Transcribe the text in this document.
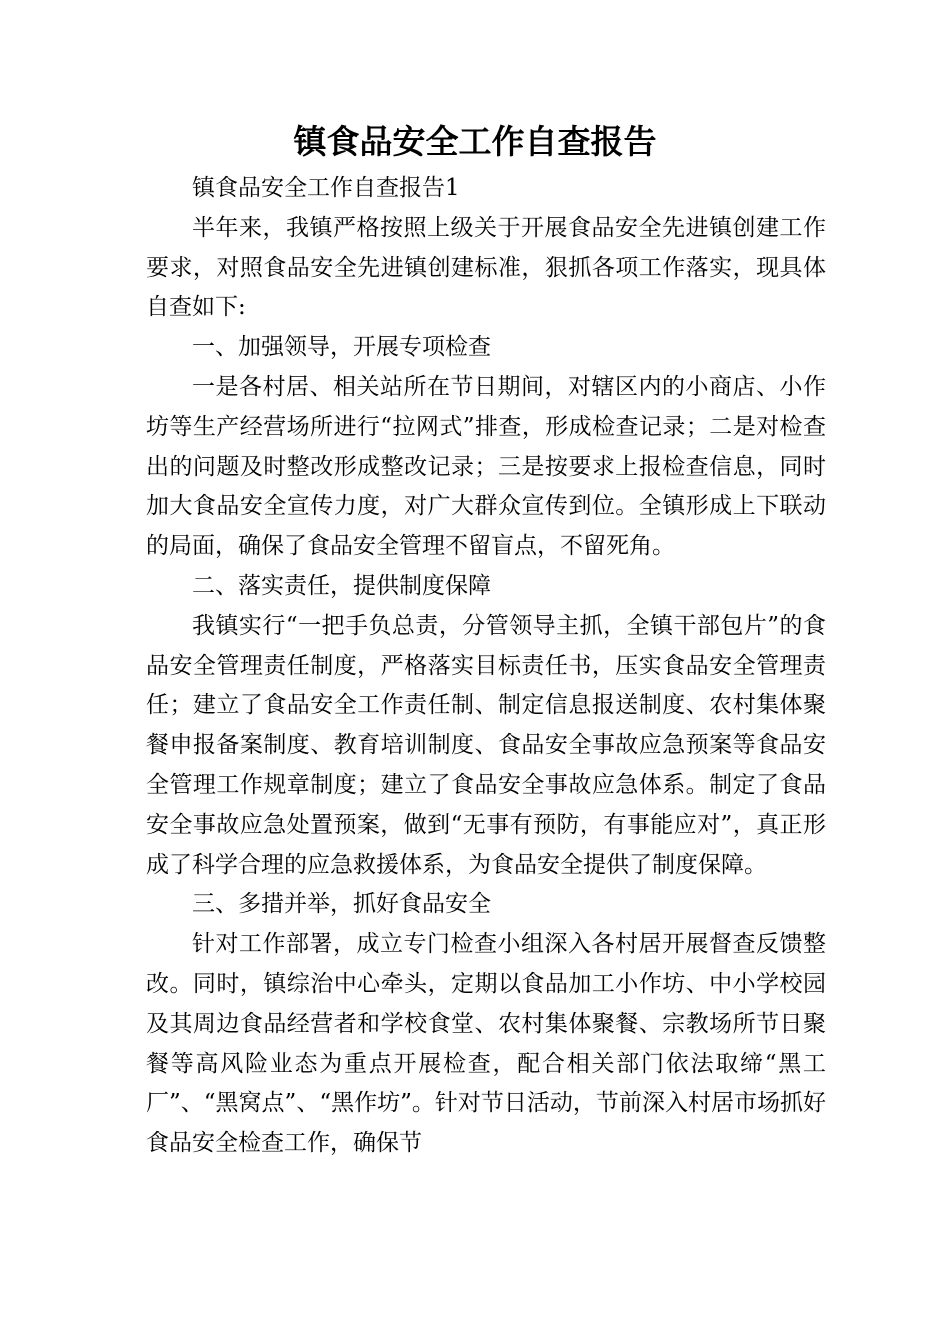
镇食品安全工作自查报告

镇食品安全工作自查报告1

半年来，我镇严格按照上级关于开展食品安全先进镇创建工作要求，对照食品安全先进镇创建标准，狠抓各项工作落实，现具体自查如下:

一、加强领导，开展专项检查

一是各村居、相关站所在节日期间，对辖区内的小商店、小作坊等生产经营场所进行“拉网式”排查，形成检查记录；二是对检查出的问题及时整改形成整改记录；三是按要求上报检查信息，同时加大食品安全宣传力度，对广大群众宣传到位。全镇形成上下联动的局面，确保了食品安全管理不留盲点，不留死角。

二、落实责任，提供制度保障

我镇实行“一把手负总责，分管领导主抓，全镇干部包片”的食品安全管理责任制度，严格落实目标责任书，压实食品安全管理责任；建立了食品安全工作责任制、制定信息报送制度、农村集体聚餐申报备案制度、教育培训制度、食品安全事故应急预案等食品安全管理工作规章制度；建立了食品安全事故应急体系。制定了食品安全事故应急处置预案，做到“无事有预防，有事能应对”，真正形成了科学合理的应急救援体系，为食品安全提供了制度保障。

三、多措并举，抓好食品安全

针对工作部署，成立专门检查小组深入各村居开展督查反馈整改。同时，镇综治中心牵头，定期以食品加工小作坊、中小学校园及其周边食品经营者和学校食堂、农村集体聚餐、宗教场所节日聚餐等高风险业态为重点开展检查，配合相关部门依法取缔“黑工厂”、“黑窝点”、“黑作坊”。针对节日活动，节前深入村居市场抓好食品安全检查工作，确保节
